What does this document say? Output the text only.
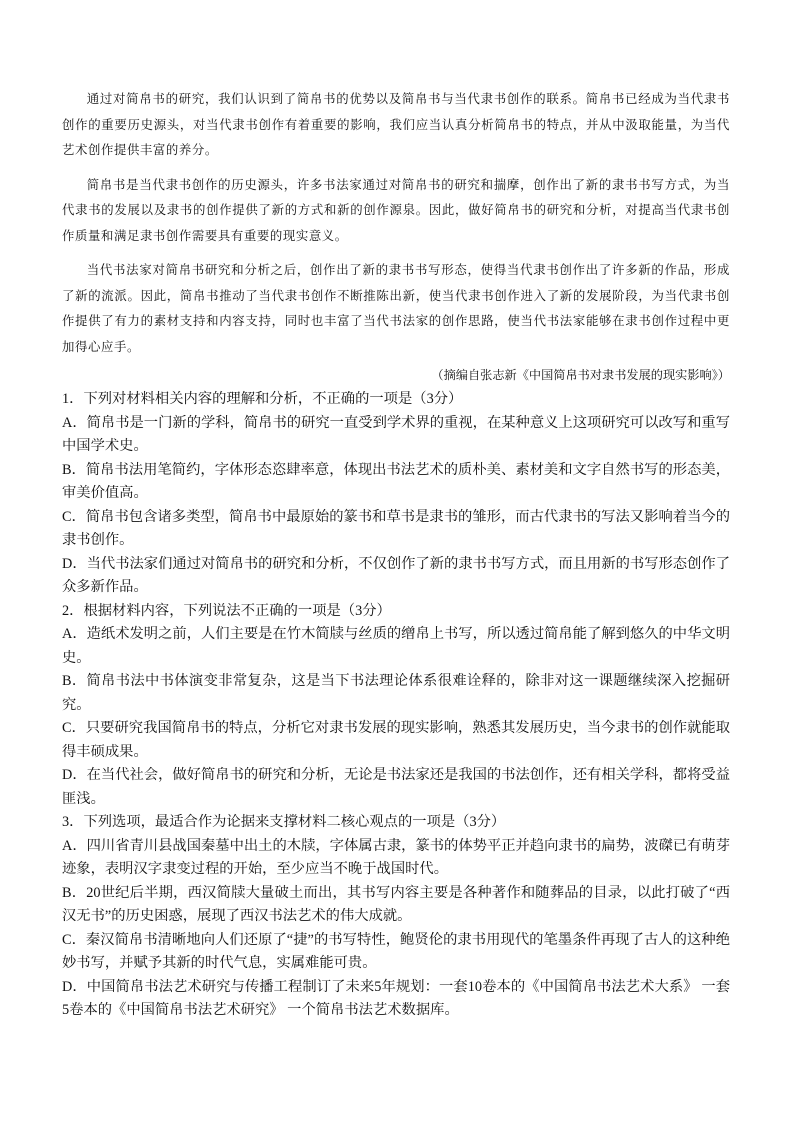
通过对简帛书的研究，我们认识到了简帛书的优势以及简帛书与当代隶书创作的联系。简帛书已经成为当代隶书创作的重要历史源头，对当代隶书创作有着重要的影响，我们应当认真分析简帛书的特点，并从中汲取能量，为当代艺术创作提供丰富的养分。

简帛书是当代隶书创作的历史源头，许多书法家通过对简帛书的研究和揣摩，创作出了新的隶书书写方式，为当代隶书的发展以及隶书的创作提供了新的方式和新的创作源泉。因此，做好简帛书的研究和分析，对提高当代隶书创作质量和满足隶书创作需要具有重要的现实意义。

当代书法家对简帛书研究和分析之后，创作出了新的隶书书写形态，使得当代隶书创作出了许多新的作品，形成了新的流派。因此，简帛书推动了当代隶书创作不断推陈出新，使当代隶书创作进入了新的发展阶段，为当代隶书创作提供了有力的素材支持和内容支持，同时也丰富了当代书法家的创作思路，使当代书法家能够在隶书创作过程中更加得心应手。

（摘编自张志新《中国简帛书对隶书发展的现实影响》）

1．下列对材料相关内容的理解和分析，不正确的一项是（3分）

A．简帛书是一门新的学科，简帛书的研究一直受到学术界的重视，在某种意义上这项研究可以改写和重写中国学术史。

B．简帛书法用笔简约，字体形态恣肆率意，体现出书法艺术的质朴美、素材美和文字自然书写的形态美，审美价值高。

C．简帛书包含诸多类型，简帛书中最原始的篆书和草书是隶书的雏形，而古代隶书的写法又影响着当今的隶书创作。

D．当代书法家们通过对简帛书的研究和分析，不仅创作了新的隶书书写方式，而且用新的书写形态创作了众多新作品。

2．根据材料内容，下列说法不正确的一项是（3分）

A．造纸术发明之前，人们主要是在竹木简牍与丝质的缯帛上书写，所以透过简帛能了解到悠久的中华文明史。

B．简帛书法中书体演变非常复杂，这是当下书法理论体系很难诠释的，除非对这一课题继续深入挖掘研究。

C．只要研究我国简帛书的特点，分析它对隶书发展的现实影响，熟悉其发展历史，当今隶书的创作就能取得丰硕成果。

D．在当代社会，做好简帛书的研究和分析，无论是书法家还是我国的书法创作，还有相关学科，都将受益匪浅。

3．下列选项，最适合作为论据来支撑材料二核心观点的一项是（3分）

A．四川省青川县战国秦墓中出土的木牍，字体属古隶，篆书的体势平正并趋向隶书的扁势，波磔已有萌芽迹象，表明汉字隶变过程的开始，至少应当不晚于战国时代。

B．20世纪后半期，西汉简牍大量破土而出，其书写内容主要是各种著作和随葬品的目录，以此打破了“西汉无书”的历史困惑，展现了西汉书法艺术的伟大成就。

C．秦汉简帛书清晰地向人们还原了“捷”的书写特性，鲍贤伦的隶书用现代的笔墨条件再现了古人的这种绝妙书写，并赋予其新的时代气息，实属难能可贵。

D．中国简帛书法艺术研究与传播工程制订了未来5年规划：一套10卷本的《中国简帛书法艺术大系》 一套5卷本的《中国简帛书法艺术研究》 一个简帛书法艺术数据库。
